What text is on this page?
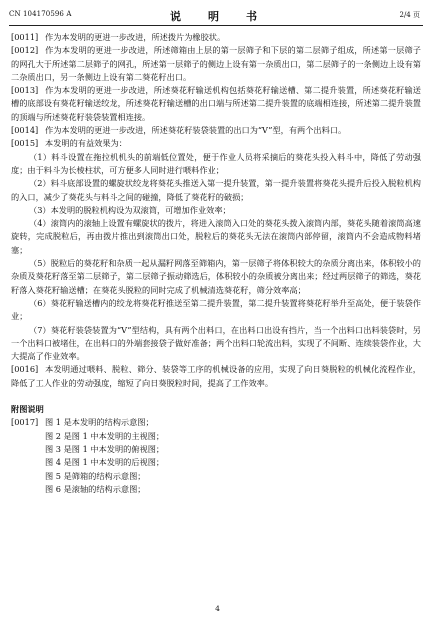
CN 104170596 A	说　明　书	2/4 页

[0011] 作为本发明的更进一步改进，所述拨片为橡胶状。

[0012] 作为本发明的更进一步改进，所述筛箱由上层的第一层筛子和下层的第二层筛子组成，所述第一层筛子的网孔大于所述第二层筛子的网孔，所述第一层筛子的侧边上设有第一杂质出口，第二层筛子的一条侧边上设有第二杂质出口，另一条侧边上设有第二葵花籽出口。

[0013] 作为本发明的更进一步改进，所述葵花籽输送机构包括葵花籽输送槽、第二提升装置，所述葵花籽输送槽的底部设有葵花籽输送绞龙，所述葵花籽输送槽的出口端与所述第二提升装置的底端相连接，所述第二提升装置的顶端与所述葵花籽装袋装置相连接。

[0014] 作为本发明的更进一步改进，所述葵花籽装袋装置的出口为“V”型，有两个出料口。

[0015] 本发明的有益效果为：

（1）料斗设置在拖拉机机头的前端低位置处，便于作业人员将采摘后的葵花头投入料斗中，降低了劳动强度；由于料斗为长棱柱状，可方便多人同时进行喂料作业；

（2）料斗底部设置的螺旋状绞龙将葵花头推送入第一提升装置，第一提升装置将葵花头提升后投入脱粒机构的入口，减少了葵花头与料斗之间的碰撞，降低了葵花籽的破损；

（3）本发明的脱粒机构设为双滚筒，可增加作业效率；

（4）滚筒内的滚轴上设置有螺旋状的拨片，将进入滚筒入口处的葵花头拨入滚筒内部，葵花头随着滚筒高速旋转，完成脱粒后，再由拨片推出到滚筒出口处，脱粒后的葵花头无法在滚筒内部停留，滚筒内不会造成物料堵塞；

（5）脱粒后的葵花籽和杂质一起从漏籽网落至筛箱内，第一层筛子将体积较大的杂质分离出来，体积较小的杂质及葵花籽落至第二层筛子，第二层筛子振动筛选后，体积较小的杂质被分离出来；经过两层筛子的筛选，葵花籽落入葵花籽输送槽；在葵花头脱粒的同时完成了机械清选葵花籽，筛分效率高；

（6）葵花籽输送槽内的绞龙将葵花籽推送至第二提升装置，第二提升装置将葵花籽举升至高处，便于装袋作业；

（7）葵花籽装袋装置为“V”型结构，具有两个出料口，在出料口出设有挡片，当一个出料口出料装袋时，另一个出料口被堵住，在出料口的外端套接袋子做好准备；两个出料口轮流出料，实现了不间断、连续装袋作业，大大提高了作业效率。

[0016] 本发明通过喂料、脱粒、筛分、装袋等工序的机械设备的应用，实现了向日葵脱粒的机械化流程作业，降低了工人作业的劳动强度，缩短了向日葵脱粒时间，提高了工作效率。

附图说明

[0017] 图 1 是本发明的结构示意图；

图 2 是图 1 中本发明的主视图；

图 3 是图 1 中本发明的俯视图；

图 4 是图 1 中本发明的后视图；

图 5 是筛箱的结构示意图；

图 6 是滚轴的结构示意图；

4
